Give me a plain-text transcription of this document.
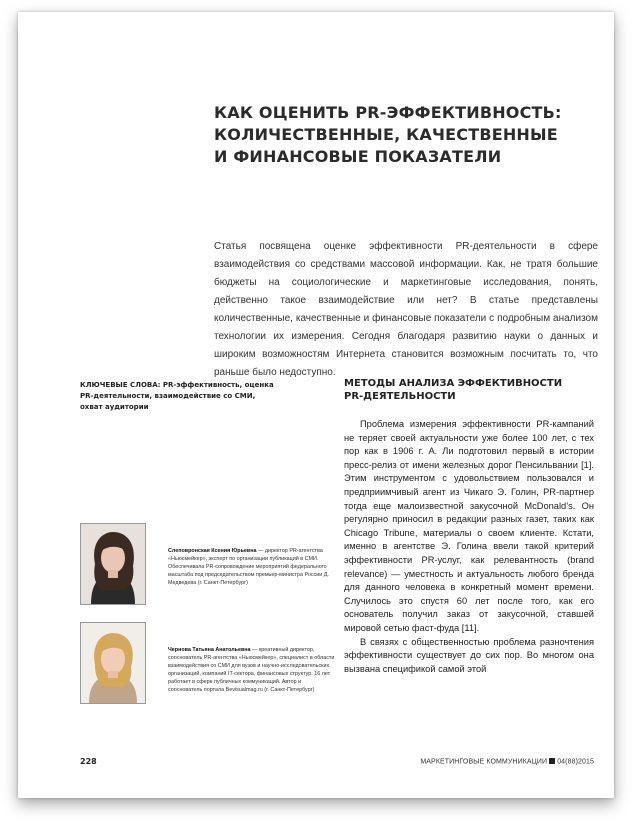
КАК ОЦЕНИТЬ PR-ЭФФЕКТИВНОСТЬ:
КОЛИЧЕСТВЕННЫЕ, КАЧЕСТВЕННЫЕ
И ФИНАНСОВЫЕ ПОКАЗАТЕЛИ

Статья посвящена оценке эффективности PR-деятельности в сфере взаимодействия со средствами массовой информации. Как, не тратя большие бюджеты на социологические и маркетинговые исследования, понять, действенно такое взаимодействие или нет? В статье представлены количественные, качественные и финансовые показатели с подробным анализом технологии их измерения. Сегодня благодаря развитию науки о данных и широким возможностям Интернета становится возможным посчитать то, что раньше было недоступно.

КЛЮЧЕВЫЕ СЛОВА: PR-эффективность, оценка PR-деятельности, взаимодействие со СМИ, охват аудитории
МЕТОДЫ АНАЛИЗА ЭФФЕКТИВНОСТИ
PR-ДЕЯТЕЛЬНОСТИ

Проблема измерения эффективности PR-кампаний не теряет своей актуальности уже более 100 лет, с тех пор как в 1906 г. А. Ли подготовил первый в истории пресс-релиз от имени железных дорог Пенсильвании [1]. Этим инструментом с удовольствием пользовался и предприимчивый агент из Чикаго Э. Голин, PR-партнер тогда еще малоизвестной закусочной McDonald’s. Он регулярно приносил в редакции разных газет, таких как Chicago Tribune, материалы о своем клиенте. Кстати, именно в агентстве Э. Голина ввели такой критерий эффективности PR-услуг, как релевантность (brand relevance) — уместность и актуальность любого бренда для данного человека в конкретный момент времени. Случилось это спустя 60 лет после того, как его основатель получил заказ от закусочной, ставшей мировой сетью фаст-фуда [11].

В связях с общественностью проблема разночтения эффективности существует до сих пор. Во многом она вызвана спецификой самой этой

Слеповронская Ксения Юрьевна — директор PR-агентства «Ньюсмейкер», эксперт по организации публикаций в СМИ. Обеспечивала PR-сопровождение мероприятий федерального масштаба под председательством премьер-министра России Д. Медведева (г. Санкт-Петербург)
Чернова Татьяна Анатольевна — креативный директор, сооснователь PR-агентства «Ньюсмейкер», специалист в области взаимодействия со СМИ для вузов и научно-исследовательских организаций, компаний IT-сектора, финансовых структур. 16 лет работает в сфере публичных коммуникаций. Автор и сооснователь портала Bevisualmag.ru (г. Санкт-Петербург)
228	МАРКЕТИНГОВЫЕ КОММУНИКАЦИИ 04(88)2015
